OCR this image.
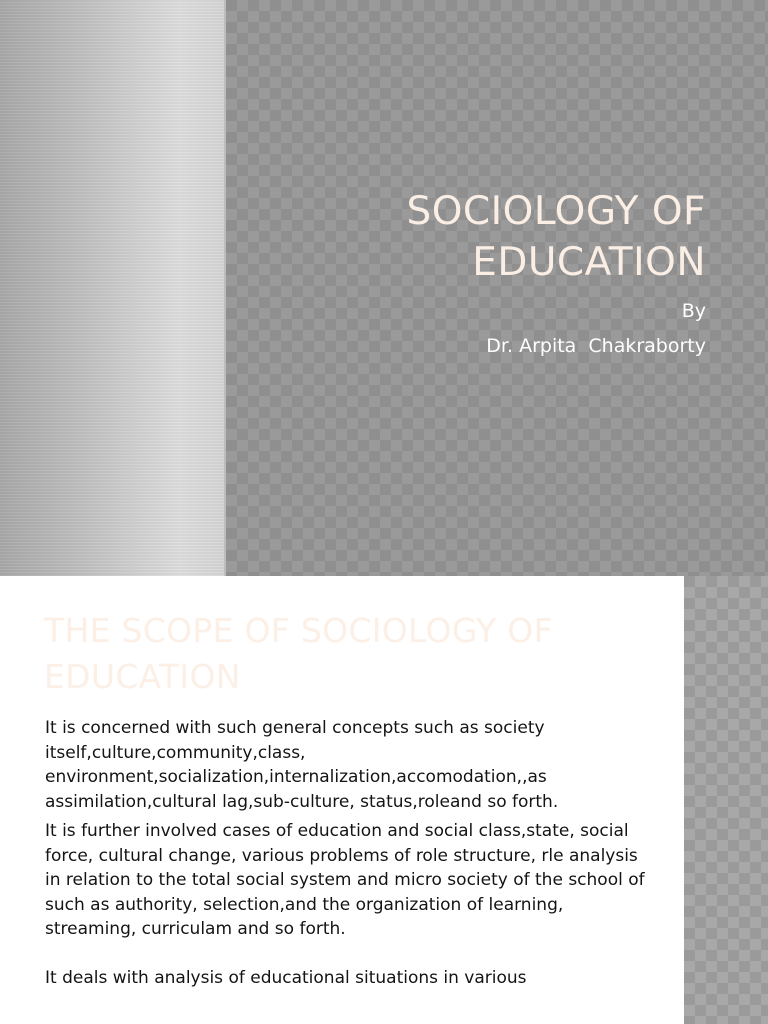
SOCIOLOGY OF
EDUCATION

By

Dr. Arpita  Chakraborty

THE SCOPE OF SOCIOLOGY OF
EDUCATION

It is concerned with such general concepts such as society itself,culture,community,class, environment,socialization,internalization,accomodation,,as assimilation,cultural lag,sub-culture, status,roleand so forth.

It is further involved cases of education and social class,state, social force, cultural change, various problems of role structure, rle analysis in relation to the total social system and micro society of the school of such as authority, selection,and the organization of learning, streaming, curriculam and so forth.

It deals with analysis of educational situations in various
